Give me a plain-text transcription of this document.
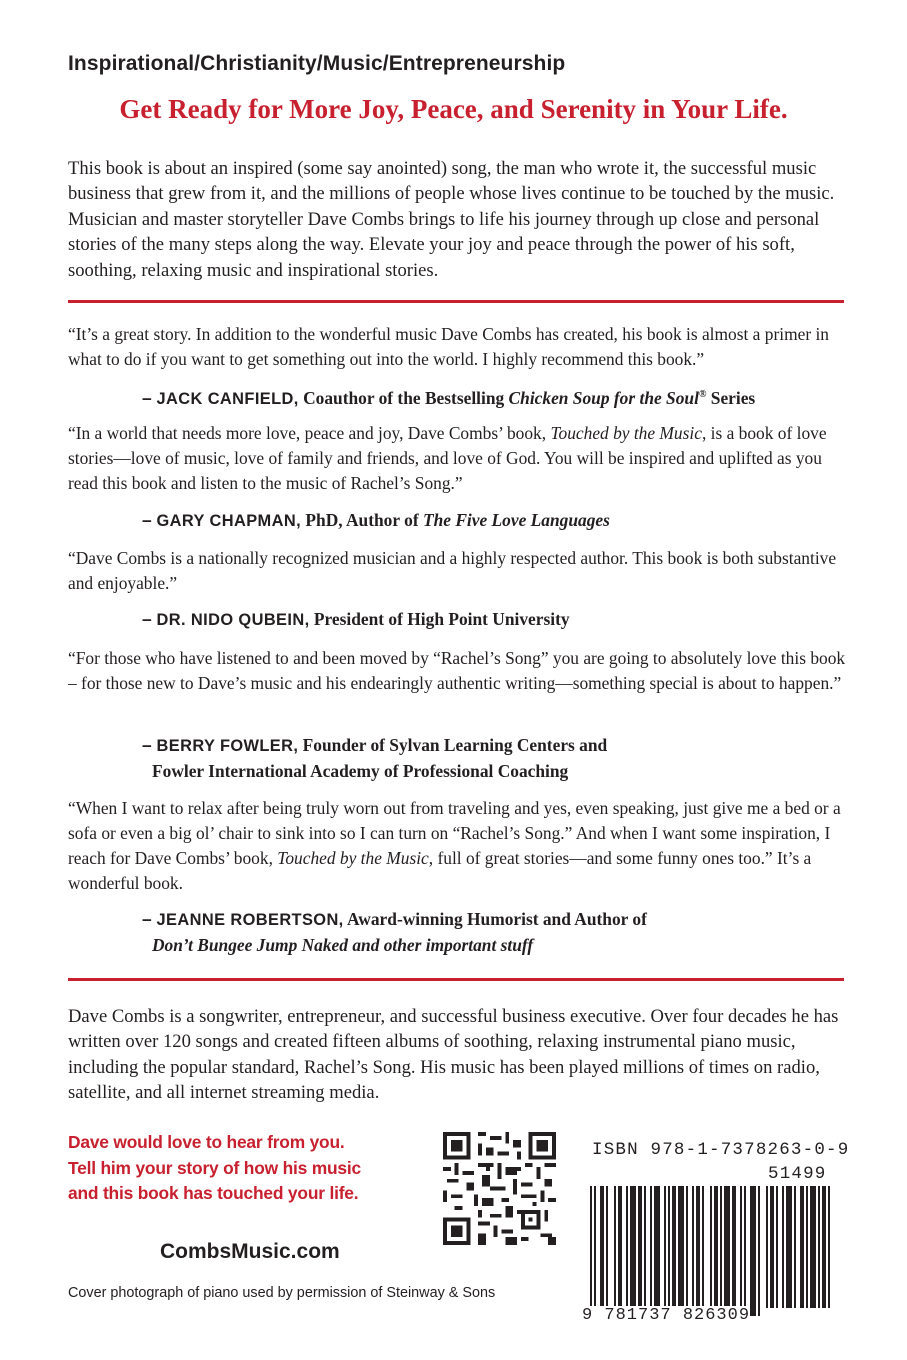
Inspirational/Christianity/Music/Entrepreneurship
Get Ready for More Joy, Peace, and Serenity in Your Life.
This book is about an inspired (some say anointed) song, the man who wrote it, the successful music business that grew from it, and the millions of people whose lives continue to be touched by the music. Musician and master storyteller Dave Combs brings to life his journey through up close and personal stories of the many steps along the way. Elevate your joy and peace through the power of his soft, soothing, relaxing music and inspirational stories.
“It’s a great story. In addition to the wonderful music Dave Combs has created, his book is almost a primer in what to do if you want to get something out into the world. I highly recommend this book.”
– JACK CANFIELD, Coauthor of the Bestselling Chicken Soup for the Soul® Series
“In a world that needs more love, peace and joy, Dave Combs’ book, Touched by the Music, is a book of love stories—love of music, love of family and friends, and love of God. You will be inspired and uplifted as you read this book and listen to the music of Rachel’s Song.”
– GARY CHAPMAN, PhD, Author of The Five Love Languages
“Dave Combs is a nationally recognized musician and a highly respected author. This book is both substantive and enjoyable.”
– DR. NIDO QUBEIN, President of High Point University
“For those who have listened to and been moved by “Rachel’s Song” you are going to absolutely love this book – for those new to Dave’s music and his endearingly authentic writing—something special is about to happen.”
– BERRY FOWLER, Founder of Sylvan Learning Centers and
Fowler International Academy of Professional Coaching
“When I want to relax after being truly worn out from traveling and yes, even speaking, just give me a bed or a sofa or even a big ol’ chair to sink into so I can turn on “Rachel’s Song.” And when I want some inspiration, I reach for Dave Combs’ book, Touched by the Music, full of great stories—and some funny ones too.” It’s a wonderful book.
– JEANNE ROBERTSON, Award-winning Humorist and Author of
Don’t Bungee Jump Naked and other important stuff
Dave Combs is a songwriter, entrepreneur, and successful business executive. Over four decades he has written over 120 songs and created fifteen albums of soothing, relaxing instrumental piano music, including the popular standard, Rachel’s Song. His music has been played millions of times on radio, satellite, and all internet streaming media.
Dave would love to hear from you.
Tell him your story of how his music
and this book has touched your life.
CombsMusic.com
Cover photograph of piano used by permission of Steinway & Sons
ISBN 978-1-7378263-0-9
51499
9 781737 826309
